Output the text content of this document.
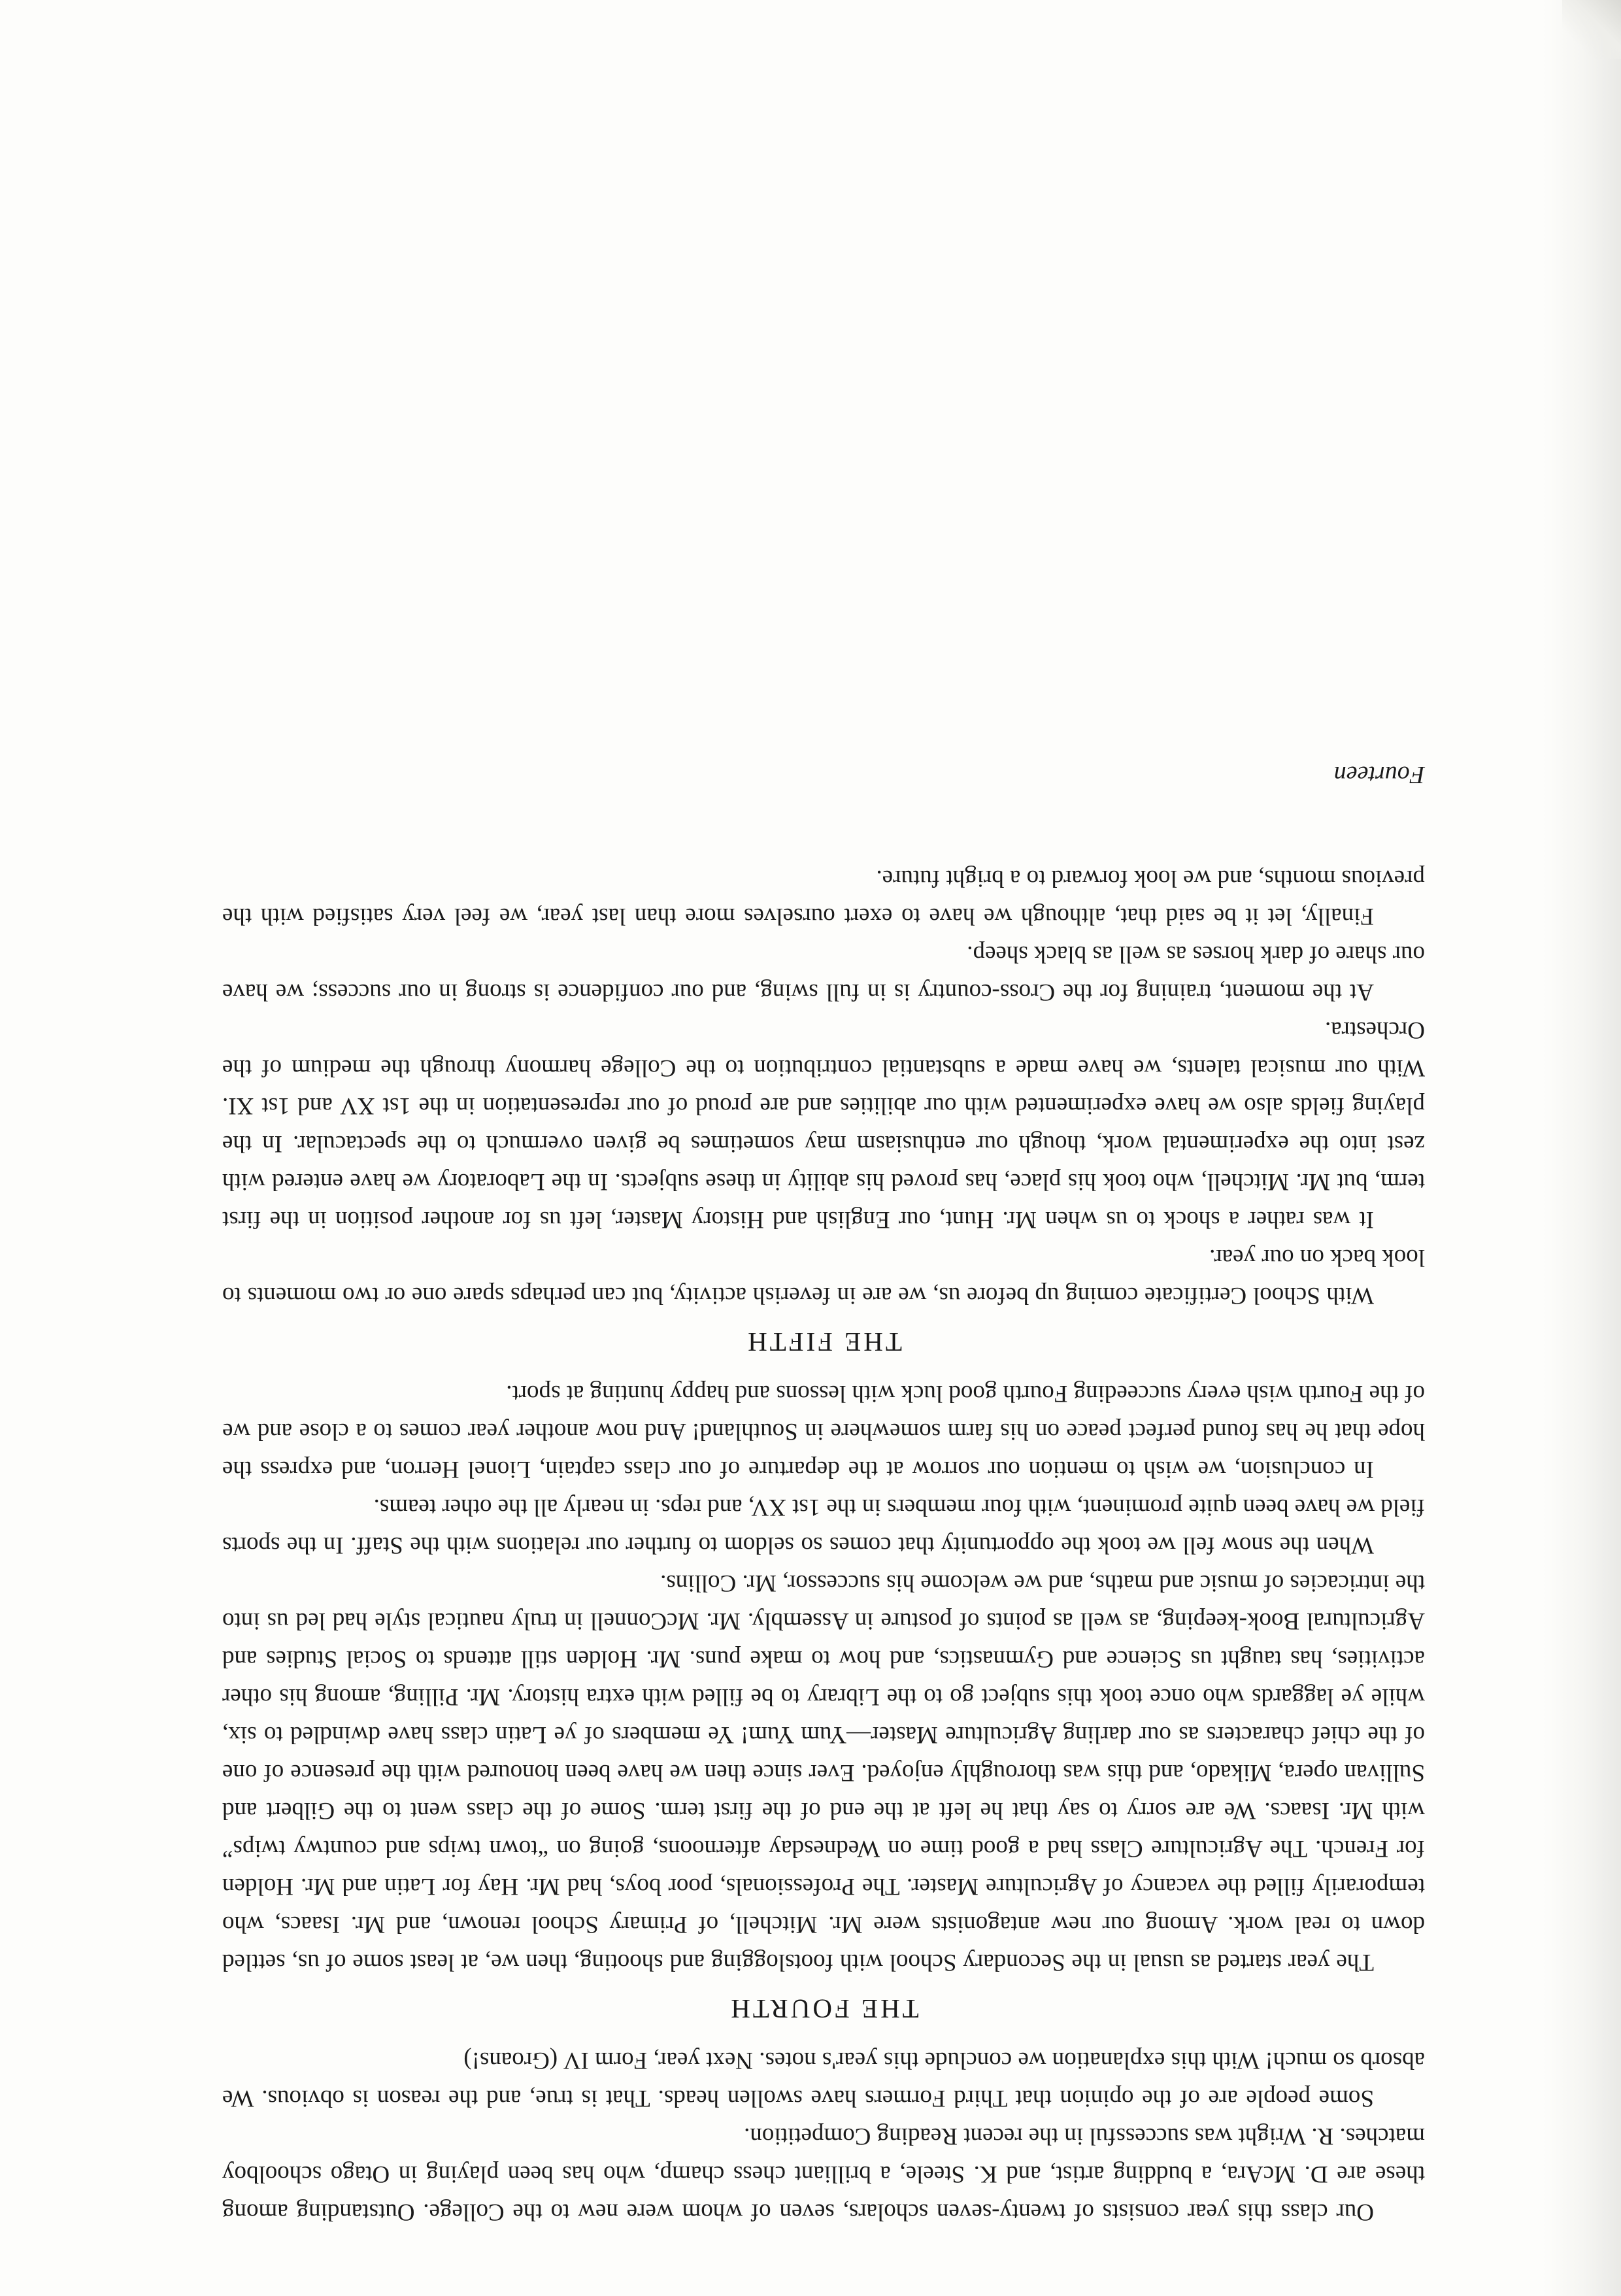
Our class this year consists of twenty-seven scholars, seven of whom were new to the College. Outstanding among these are D. McAra, a budding artist, and K. Steele, a brilliant chess champ, who has been playing in Otago schoolboy matches. R. Wright was successful in the recent Reading Competition.

Some people are of the opinion that Third Formers have swollen heads. That is true, and the reason is obvious. We absorb so much! With this explanation we conclude this year's notes. Next year, Form IV (Groans!)

THE FOURTH

The year started as usual in the Secondary School with footslogging and shooting, then we, at least some of us, settled down to real work. Among our new antagonists were Mr. Mitchell, of Primary School renown, and Mr. Isaacs, who temporarily filled the vacancy of Agriculture Master. The Professionals, poor boys, had Mr. Hay for Latin and Mr. Holden for French. The Agriculture Class had a good time on Wednesday afternoons, going on “town twips and countwy twips” with Mr. Isaacs. We are sorry to say that he left at the end of the first term. Some of the class went to the Gilbert and Sullivan opera, Mikado, and this was thoroughly enjoyed. Ever since then we have been honoured with the presence of one of the chief characters as our darling Agriculture Master—Yum Yum! Ye members of ye Latin class have dwindled to six, while ye laggards who once took this subject go to the Library to be filled with extra history. Mr. Pilling, among his other activities, has taught us Science and Gymnastics, and how to make puns. Mr. Holden still attends to Social Studies and Agricultural Book-keeping, as well as points of posture in Assembly. Mr. McConnell in truly nautical style had led us into the intricacies of music and maths, and we welcome his successor, Mr. Collins.

When the snow fell we took the opportunity that comes so seldom to further our relations with the Staff. In the sports field we have been quite prominent, with four members in the 1st XV, and reps. in nearly all the other teams.

In conclusion, we wish to mention our sorrow at the departure of our class captain, Lionel Herron, and express the hope that he has found perfect peace on his farm somewhere in Southland! And now another year comes to a close and we of the Fourth wish every succeeding Fourth good luck with lessons and happy hunting at sport.

THE FIFTH

With School Certificate coming up before us, we are in feverish activity, but can perhaps spare one or two moments to look back on our year.

It was rather a shock to us when Mr. Hunt, our English and History Master, left us for another position in the first term, but Mr. Mitchell, who took his place, has proved his ability in these subjects. In the Laboratory we have entered with zest into the experimental work, though our enthusiasm may sometimes be given overmuch to the spectacular. In the playing fields also we have experimented with our abilities and are proud of our representation in the 1st XV and 1st XI. With our musical talents, we have made a substantial contribution to the College harmony through the medium of the Orchestra.

At the moment, training for the Cross-country is in full swing, and our confidence is strong in our success; we have our share of dark horses as well as black sheep.

Finally, let it be said that, although we have to exert ourselves more than last year, we feel very satisfied with the previous months, and we look forward to a bright future.

Fourteen
